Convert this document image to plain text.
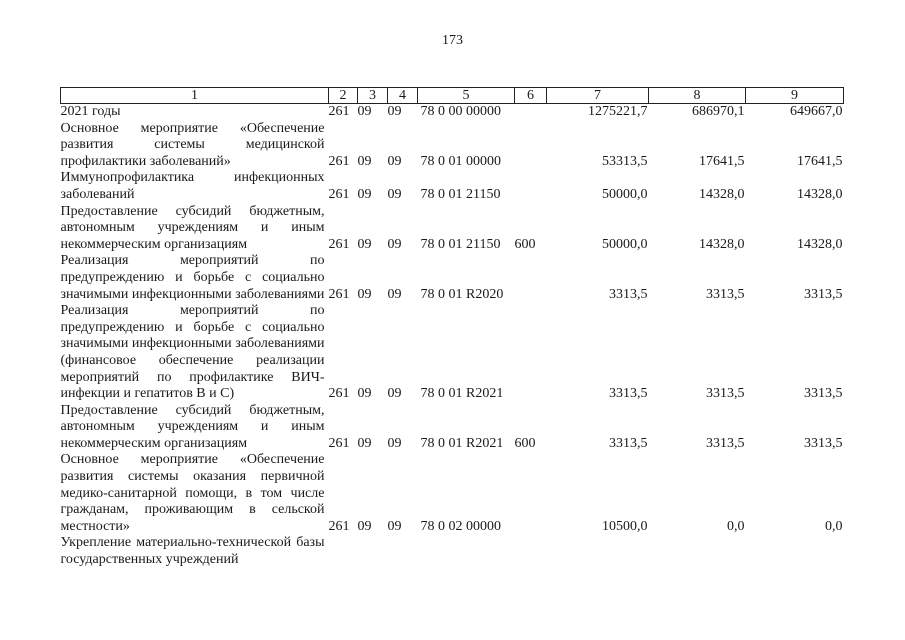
173
1	2	3	4	5	6	7	8	9
2021 годы	261	09	09	78 0 00 00000		1275221,7	686970,1	649667,0
Основное мероприятие «Обеспечение развития системы медицинской профилактики заболеваний»	261	09	09	78 0 01 00000		53313,5	17641,5	17641,5
Иммунопрофилактика инфекционных заболеваний	261	09	09	78 0 01 21150		50000,0	14328,0	14328,0
Предоставление субсидий бюджетным, автономным учреждениям и иным некоммерческим организациям	261	09	09	78 0 01 21150	600	50000,0	14328,0	14328,0
Реализация мероприятий по предупреждению и борьбе с социально значимыми инфекционными заболеваниями	261	09	09	78 0 01 R2020		3313,5	3313,5	3313,5
Реализация мероприятий по предупреждению и борьбе с социально значимыми инфекционными заболеваниями (финансовое обеспечение реализации мероприятий по профилактике ВИЧ-инфекции и гепатитов В и С)	261	09	09	78 0 01 R2021		3313,5	3313,5	3313,5
Предоставление субсидий бюджетным, автономным учреждениям и иным некоммерческим организациям	261	09	09	78 0 01 R2021	600	3313,5	3313,5	3313,5
Основное мероприятие «Обеспечение развития системы оказания первичной медико-санитарной помощи, в том числе гражданам, проживающим в сельской местности»	261	09	09	78 0 02 00000		10500,0	0,0	0,0
Укрепление материально-технической базы государственных учреждений								
